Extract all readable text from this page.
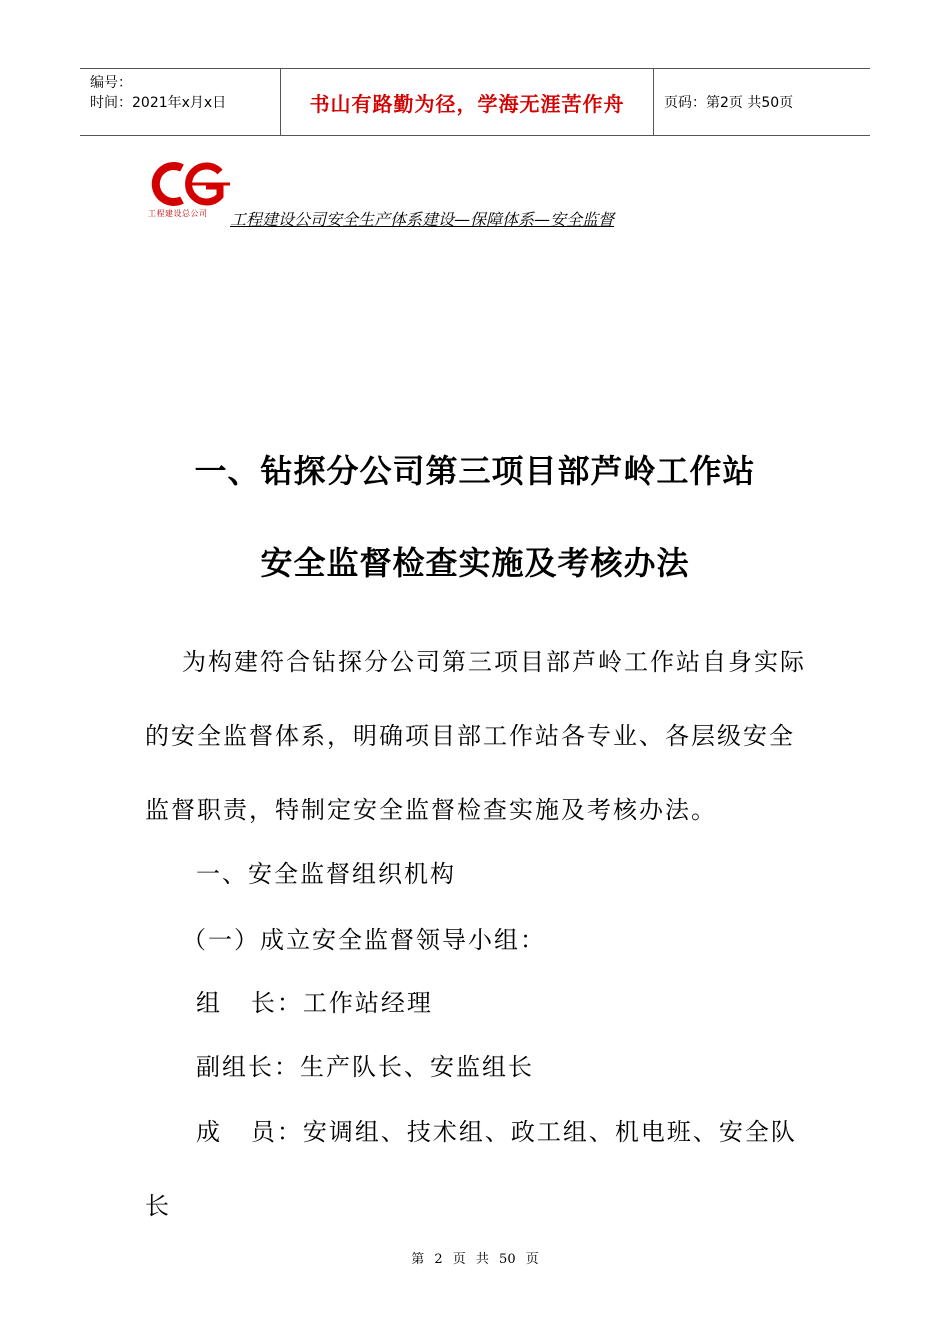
编号：
时间：2021年x月x日	书山有路勤为径，学海无涯苦作舟	页码：第2页 共50页
工程建设总公司 工程建设公司安全生产体系建设—保障体系—安全监督
一、钻探分公司第三项目部芦岭工作站
安全监督检查实施及考核办法
为构建符合钻探分公司第三项目部芦岭工作站自身实际
的安全监督体系，明确项目部工作站各专业、各层级安全
监督职责，特制定安全监督检查实施及考核办法。
一、安全监督组织机构
（一）成立安全监督领导小组：
组   长：工作站经理
副组长：生产队长、安监组长
成   员：安调组、技术组、政工组、机电班、安全队
长
第 2 页 共 50 页
